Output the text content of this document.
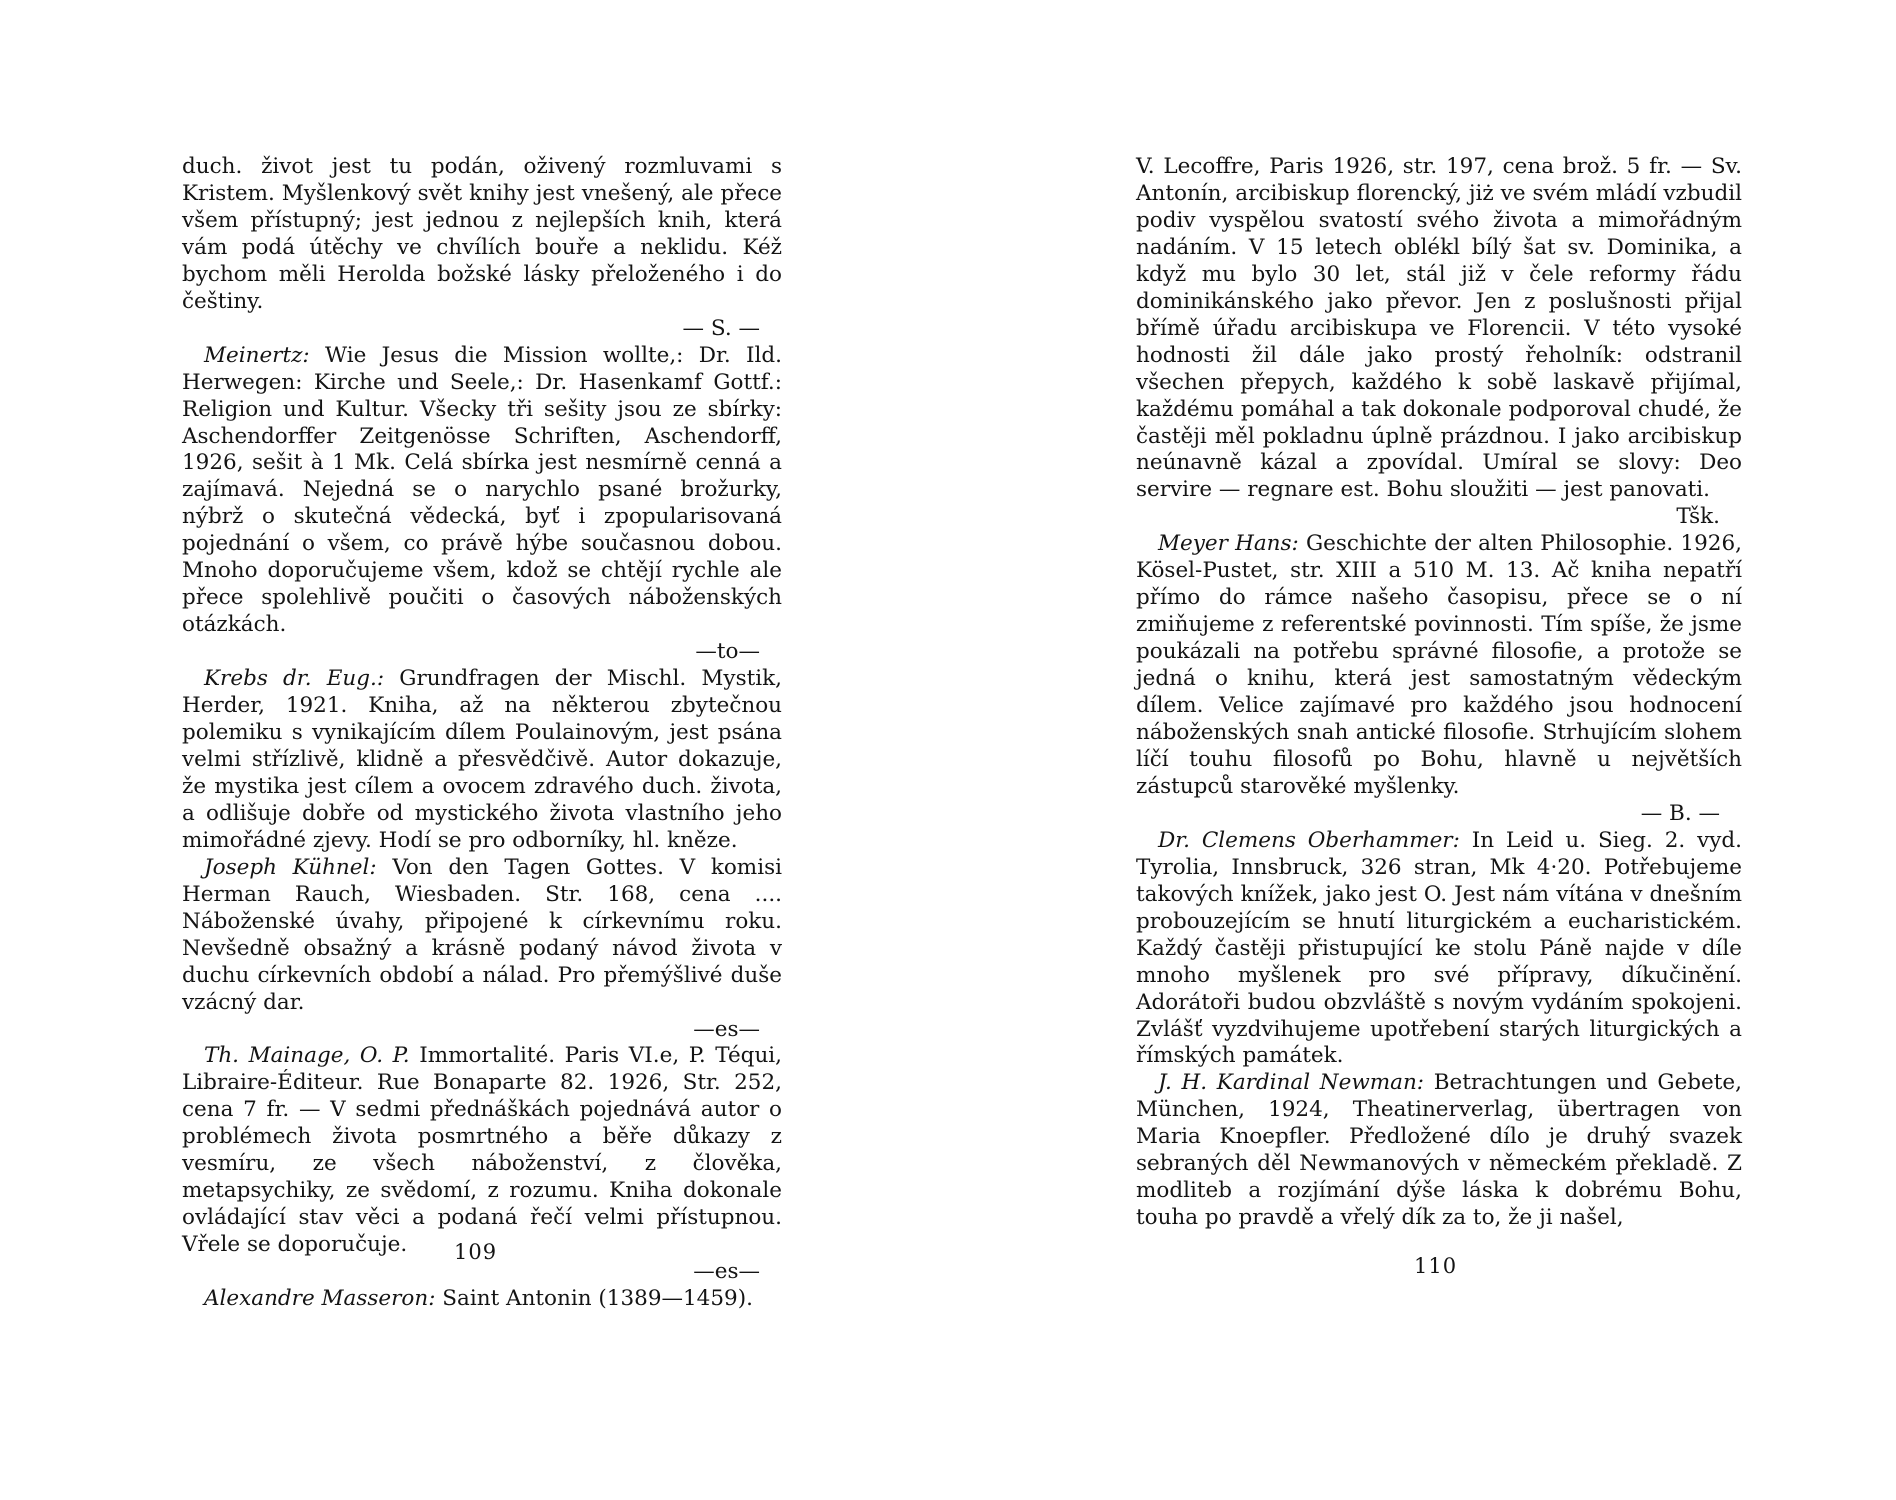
duch. život jest tu podán, oživený rozmluvami s Kristem. Myšlenkový svět knihy jest vnešený, ale přece všem přístupný; jest jednou z nejlepších knih, která vám podá útěchy ve chvílích bouře a neklidu. Kéž bychom měli Herolda božské lásky přeloženého i do češtiny.

— S. —

Meinertz: Wie Jesus die Mission wollte,: Dr. Ild. Herwegen: Kirche und Seele,: Dr. Hasenkamf Gottf.: Religion und Kultur. Všecky tři sešity jsou ze sbírky: Aschendorffer Zeitgenösse Schriften, Aschendorff, 1926, sešit à 1 Mk. Celá sbírka jest nesmírně cenná a zajímavá. Nejedná se o narychlo psané brožurky, nýbrž o skutečná vědecká, byť i zpopularisovaná pojednání o všem, co právě hýbe současnou dobou. Mnoho doporučujeme všem, kdož se chtějí rychle ale přece spolehlivě poučiti o časových náboženských otázkách.

—to—

Krebs dr. Eug.: Grundfragen der Mischl. Mystik, Herder, 1921. Kniha, až na některou zbytečnou polemiku s vynikajícím dílem Poulainovým, jest psána velmi střízlivě, klidně a přesvědčivě. Autor dokazuje, že mystika jest cílem a ovocem zdravého duch. života, a odlišuje dobře od mystického života vlastního jeho mimořádné zjevy. Hodí se pro odborníky, hl. kněze.

Joseph Kühnel: Von den Tagen Gottes. V komisi Herman Rauch, Wiesbaden. Str. 168, cena .... Náboženské úvahy, připojené k církevnímu roku. Nevšedně obsažný a krásně podaný návod života v duchu církevních období a nálad. Pro přemýšlivé duše vzácný dar.

—es—

Th. Mainage, O. P. Immortalité. Paris VI.e, P. Téqui, Libraire-Éditeur. Rue Bonaparte 82. 1926, Str. 252, cena 7 fr. — V sedmi přednáškách pojednává autor o problémech života posmrtného a běře důkazy z vesmíru, ze všech náboženství, z člověka, metapsychiky, ze svědomí, z rozumu. Kniha dokonale ovládající stav věci a podaná řečí velmi přístupnou. Vřele se doporučuje.

—es—

Alexandre Masseron: Saint Antonin (1389—1459).

109

V. Lecoffre, Paris 1926, str. 197, cena brož. 5 fr. — Sv. Antonín, arcibiskup florencký, jiż ve svém mládí vzbudil podiv vyspělou svatostí svého života a mimořádným nadáním. V 15 letech oblékl bílý šat sv. Dominika, a když mu bylo 30 let, stál již v čele reformy řádu dominikánského jako převor. Jen z poslušnosti přijal břímě úřadu arcibiskupa ve Florencii. V této vysoké hodnosti žil dále jako prostý řeholník: odstranil všechen přepych, každého k sobě laskavě přijímal, každému pomáhal a tak dokonale podporoval chudé, že častěji měl pokladnu úplně prázdnou. I jako arcibiskup neúnavně kázal a zpovídal. Umíral se slovy: Deo servire — regnare est. Bohu sloužiti — jest panovati.

Tšk.

Meyer Hans: Geschichte der alten Philosophie. 1926, Kösel-Pustet, str. XIII a 510 M. 13. Ač kniha nepatří přímo do rámce našeho časopisu, přece se o ní zmiňujeme z referentské povinnosti. Tím spíše, že jsme poukázali na potřebu správné filosofie, a protože se jedná o knihu, která jest samostatným vědeckým dílem. Velice zajímavé pro každého jsou hodnocení náboženských snah antické filosofie. Strhujícím slohem líčí touhu filosofů po Bohu, hlavně u největších zástupců starověké myšlenky.

— B. —

Dr. Clemens Oberhammer: In Leid u. Sieg. 2. vyd. Tyrolia, Innsbruck, 326 stran, Mk 4·20. Potřebujeme takových knížek, jako jest O. Jest nám vítána v dnešním probouzejícím se hnutí liturgickém a eucharistickém. Každý častěji přistupující ke stolu Páně najde v díle mnoho myšlenek pro své přípravy, díkučinění. Adorátoři budou obzvláště s novým vydáním spokojeni. Zvlášť vyzdvihujeme upotřebení starých liturgických a římských památek.

J. H. Kardinal Newman: Betrachtungen und Gebete, München, 1924, Theatinerverlag, übertragen von Maria Knoepfler. Předložené dílo je druhý svazek sebraných děl Newmanových v německém překladě. Z modliteb a rozjímání dýše láska k dobrému Bohu, touha po pravdě a vřelý dík za to, že ji našel,

110
